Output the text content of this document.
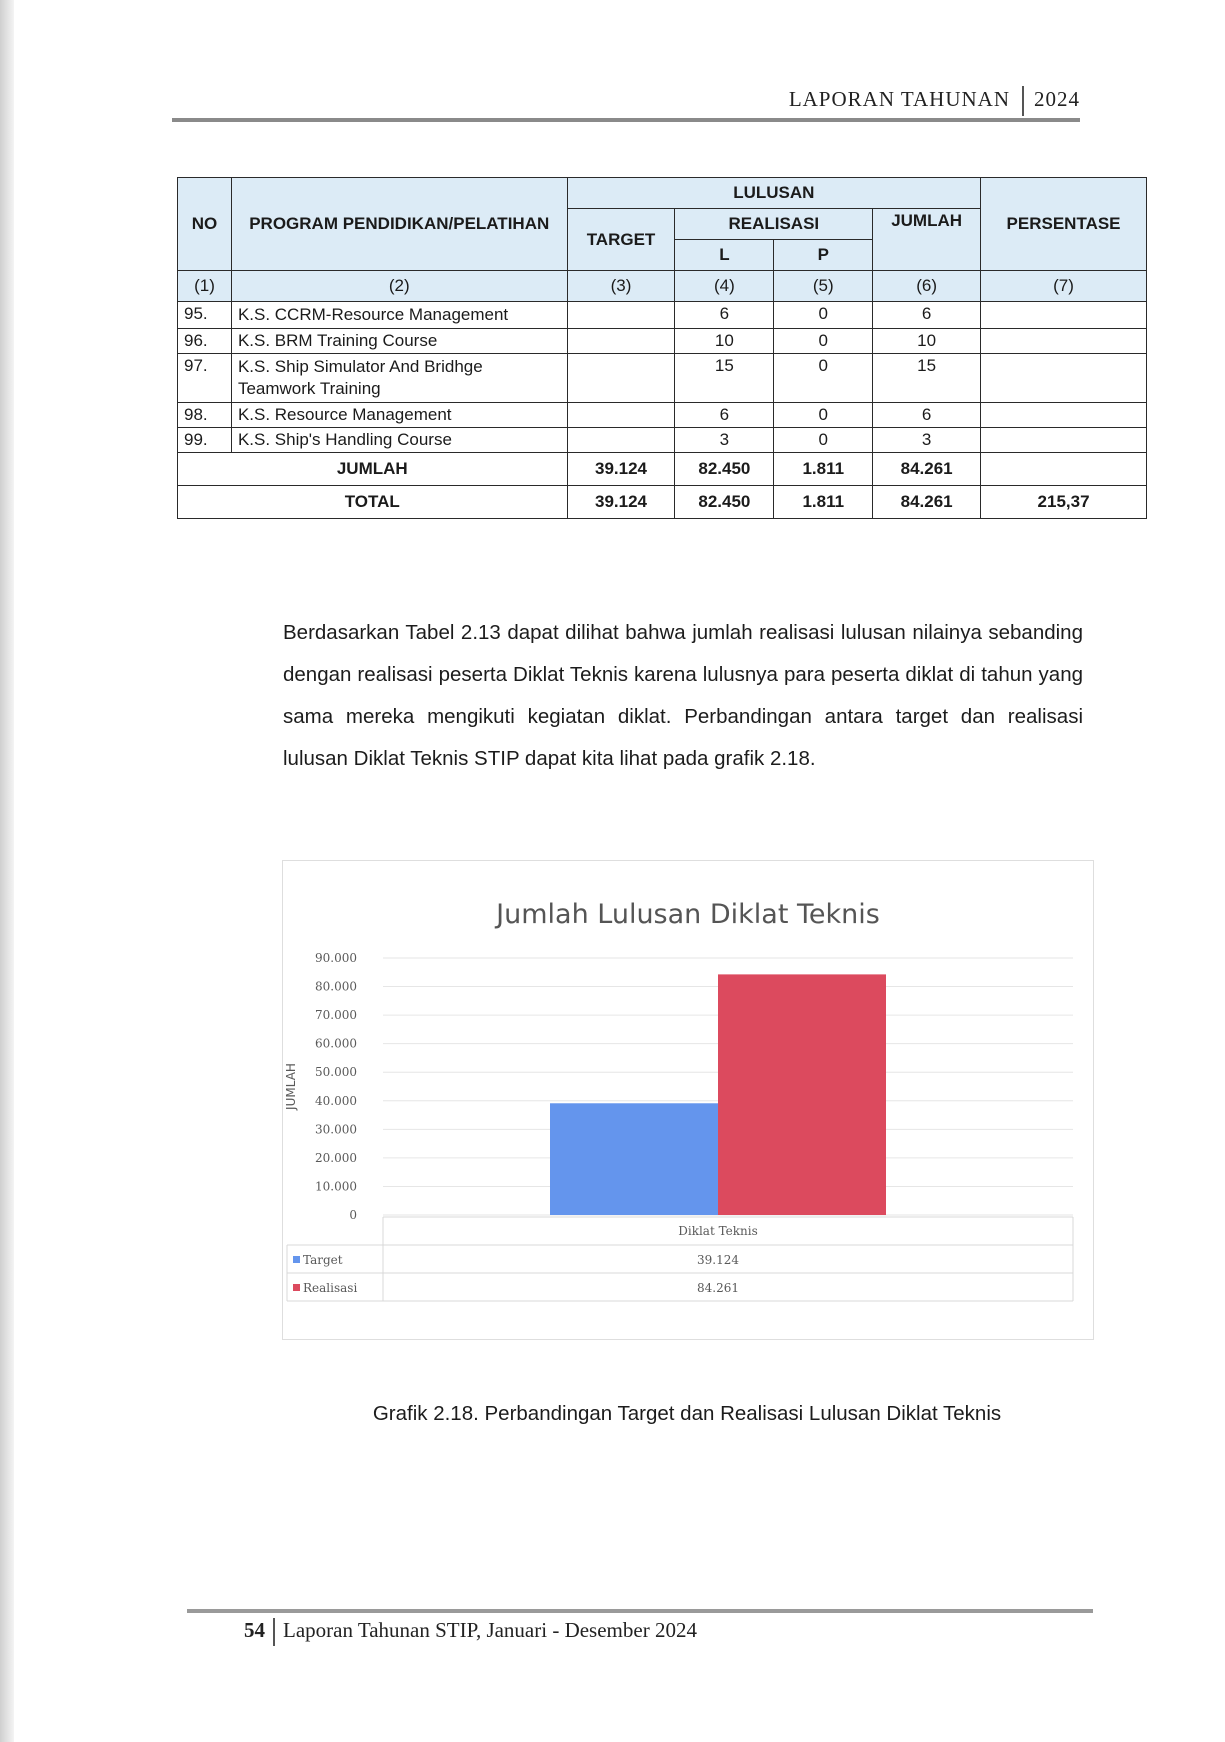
LAPORAN TAHUNAN 2024
NO	PROGRAM PENDIDIKAN/PELATIHAN	LULUSAN				PERSENTASE
		TARGET	REALISASI		JUMLAH	
			L	P		
(1)	(2)	(3)	(4)	(5)	(6)	(7)
95.	K.S. CCRM-Resource Management		6	0	6	
96.	K.S. BRM Training Course		10	0	10	
97.	K.S. Ship Simulator And Bridhge Teamwork Training		15	0	15	
98.	K.S. Resource Management		6	0	6	
99.	K.S. Ship's Handling Course		3	0	3	
JUMLAH		39.124	82.450	1.811	84.261	
TOTAL		39.124	82.450	1.811	84.261	215,37
Berdasarkan Tabel 2.13 dapat dilihat bahwa jumlah realisasi lulusan nilainya sebanding dengan realisasi peserta Diklat Teknis karena lulusnya para peserta diklat di tahun yang sama mereka mengikuti kegiatan diklat. Perbandingan antara target dan realisasi lulusan Diklat Teknis STIP dapat kita lihat pada grafik 2.18.
Jumlah Lulusan Diklat Teknis
0
10.000
20.000
30.000
40.000
50.000
60.000
70.000
80.000
90.000
JUMLAH
Diklat Teknis
Target	39.124
Realisasi	84.261
Grafik 2.18. Perbandingan Target dan Realisasi Lulusan Diklat Teknis
54 Laporan Tahunan STIP, Januari - Desember 2024
